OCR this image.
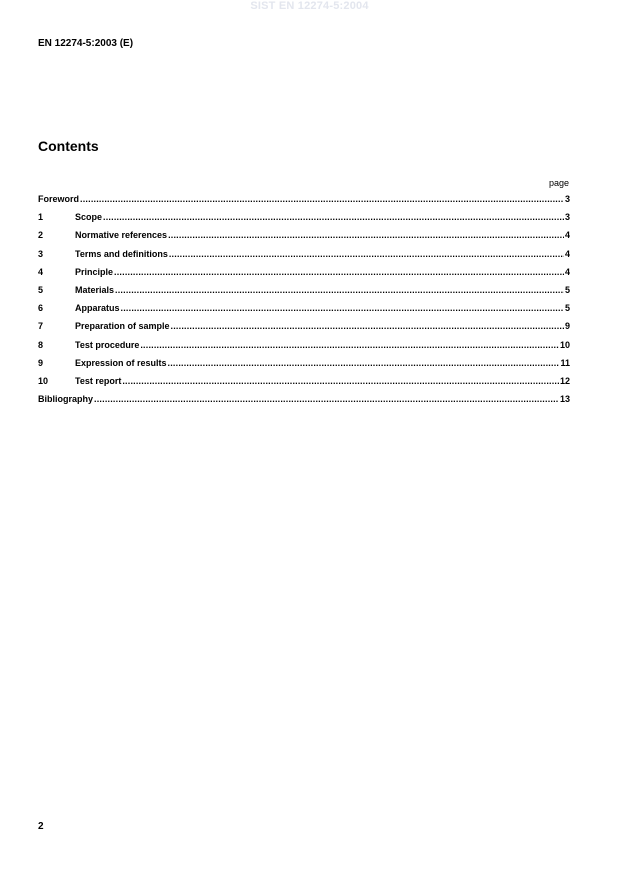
SIST EN 12274-5:2004
EN 12274-5:2003 (E)
Contents
page
Foreword .....	3
1	Scope .....	3
2	Normative references .....	4
3	Terms and definitions .....	4
4	Principle .....	4
5	Materials .....	5
6	Apparatus .....	5
7	Preparation of sample .....	9
8	Test procedure .....	10
9	Expression of results .....	11
10	Test report .....	12
Bibliography .....	13
2
